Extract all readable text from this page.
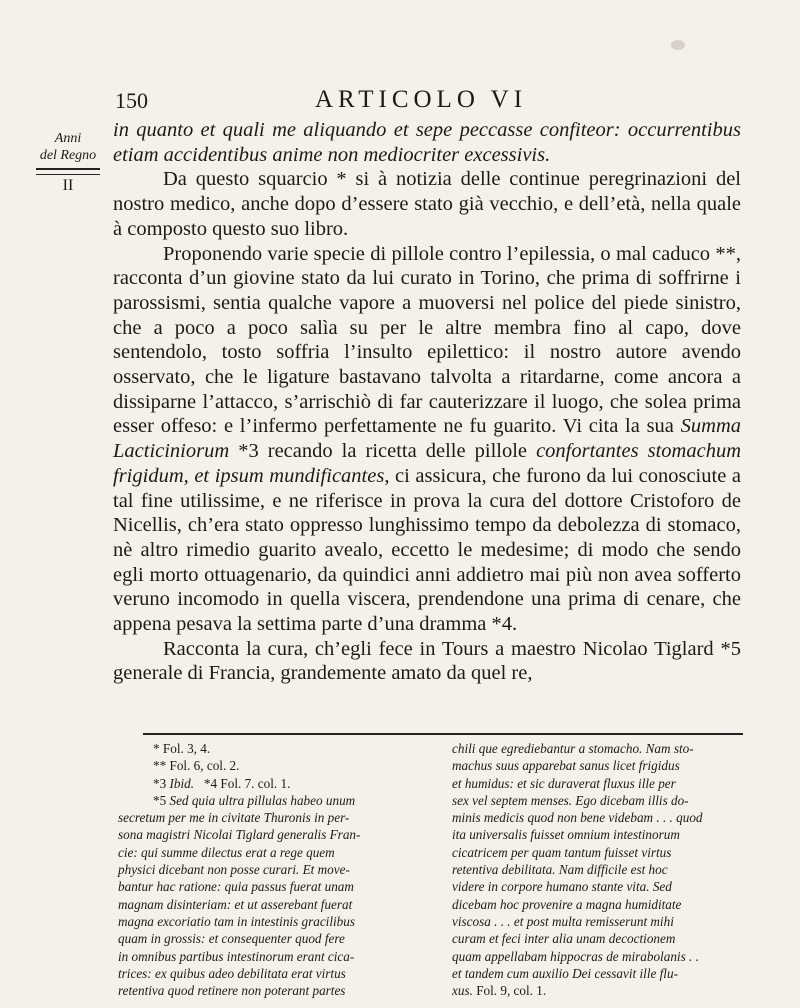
150	ARTICOLO VI
Anni
del Regno
II

in quanto et quali me aliquando et sepe peccasse confiteor: occurrentibus etiam accidentibus anime non mediocriter excessivis.

Da questo squarcio * si à notizia delle continue peregrinazioni del nostro medico, anche dopo d’essere stato già vecchio, e dell’età, nella quale à composto questo suo libro.

Proponendo varie specie di pillole contro l’epilessia, o mal caduco **, racconta d’un giovine stato da lui curato in Torino, che prima di soffrirne i parossismi, sentia qualche vapore a muoversi nel police del piede sinistro, che a poco a poco salìa su per le altre membra fino al capo, dove sentendolo, tosto soffria l’insulto epilettico: il nostro autore avendo osservato, che le ligature bastavano talvolta a ritardarne, come ancora a dissiparne l’attacco, s’arrischiò di far cauterizzare il luogo, che solea prima esser offeso: e l’infermo perfettamente ne fu guarito. Vi cita la sua Summa Lacticiniorum *3 recando la ricetta delle pillole confortantes stomachum frigidum, et ipsum mundificantes, ci assicura, che furono da lui conosciute a tal fine utilissime, e ne riferisce in prova la cura del dottore Cristoforo de Nicellis, ch’era stato oppresso lunghissimo tempo da debolezza di stomaco, nè altro rimedio guarito avealo, eccetto le medesime; di modo che sendo egli morto ottuagenario, da quindici anni addietro mai più non avea sofferto veruno incomodo in quella viscera, prendendone una prima di cenare, che appena pesava la settima parte d’una dramma *4.

Racconta la cura, ch’egli fece in Tours a maestro Nicolao Tiglard *5 generale di Francia, grandemente amato da quel re,

* Fol. 3, 4.
** Fol. 6, col. 2.
*3 Ibid. *4 Fol. 7. col. 1.
*5 Sed quia ultra pillulas habeo unum
secretum per me in civitate Thuronis in per-
sona magistri Nicolai Tiglard generalis Fran-
cie: qui summe dilectus erat a rege quem
physici dicebant non posse curari. Et move-
bantur hac ratione: quia passus fuerat unam
magnam disinteriam: et ut asserebant fuerat
magna excoriatio tam in intestinis gracilibus
quam in grossis: et consequenter quod fere
in omnibus partibus intestinorum erant cica-
trices: ex quibus adeo debilitata erat virtus
retentiva quod retinere non poterant partes
chili que egrediebantur a stomacho. Nam sto-
machus suus apparebat sanus licet frigidus
et humidus: et sic duraverat fluxus ille per
sex vel septem menses. Ego dicebam illis do-
minis medicis quod non bene videbam . . . quod
ita universalis fuisset omnium intestinorum
cicatricem per quam tantum fuisset virtus
retentiva debilitata. Nam difficile est hoc
videre in corpore humano stante vita. Sed
dicebam hoc provenire a magna humiditate
viscosa . . . et post multa remisserunt mihi
curam et feci inter alia unam decoctionem
quam appellabam hippocras de mirabolanis . .
et tandem cum auxilio Dei cessavit ille flu-
xus. Fol. 9, col. 1.
